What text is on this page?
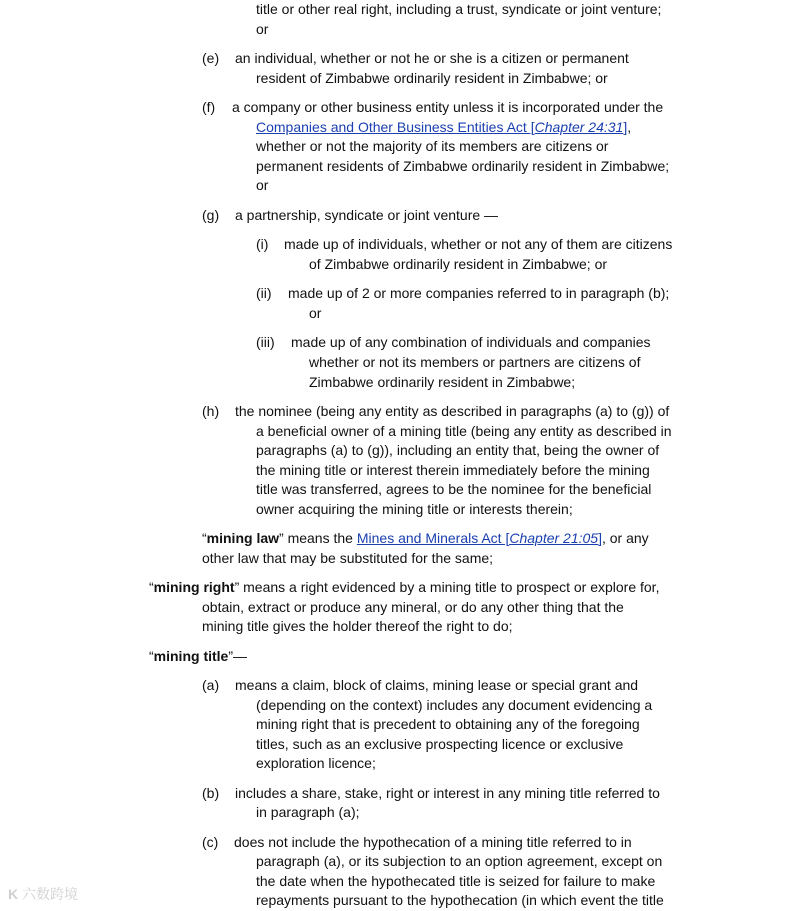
title or other real right, including a trust, syndicate or joint venture;
or
(e) an individual, whether or not he or she is a citizen or permanent
resident of Zimbabwe ordinarily resident in Zimbabwe; or
(f) a company or other business entity unless it is incorporated under the
Companies and Other Business Entities Act [Chapter 24:31],
whether or not the majority of its members are citizens or
permanent residents of Zimbabwe ordinarily resident in Zimbabwe;
or
(g) a partnership, syndicate or joint venture —
(i) made up of individuals, whether or not any of them are citizens
of Zimbabwe ordinarily resident in Zimbabwe; or
(ii) made up of 2 or more companies referred to in paragraph (b);
or
(iii) made up of any combination of individuals and companies
whether or not its members or partners are citizens of
Zimbabwe ordinarily resident in Zimbabwe;
(h) the nominee (being any entity as described in paragraphs (a) to (g)) of
a beneficial owner of a mining title (being any entity as described in
paragraphs (a) to (g)), including an entity that, being the owner of
the mining title or interest therein immediately before the mining
title was transferred, agrees to be the nominee for the beneficial
owner acquiring the mining title or interests therein;
“mining law” means the Mines and Minerals Act [Chapter 21:05], or any
other law that may be substituted for the same;
“mining right” means a right evidenced by a mining title to prospect or explore for,
obtain, extract or produce any mineral, or do any other thing that the
mining title gives the holder thereof the right to do;
“mining title”—
(a) means a claim, block of claims, mining lease or special grant and
(depending on the context) includes any document evidencing a
mining right that is precedent to obtaining any of the foregoing
titles, such as an exclusive prospecting licence or exclusive
exploration licence;
(b) includes a share, stake, right or interest in any mining title referred to
in paragraph (a);
(c) does not include the hypothecation of a mining title referred to in
paragraph (a), or its subjection to an option agreement, except on
the date when the hypothecated title is seized for failure to make
repayments pursuant to the hypothecation (in which event the title
K 六数跨境
